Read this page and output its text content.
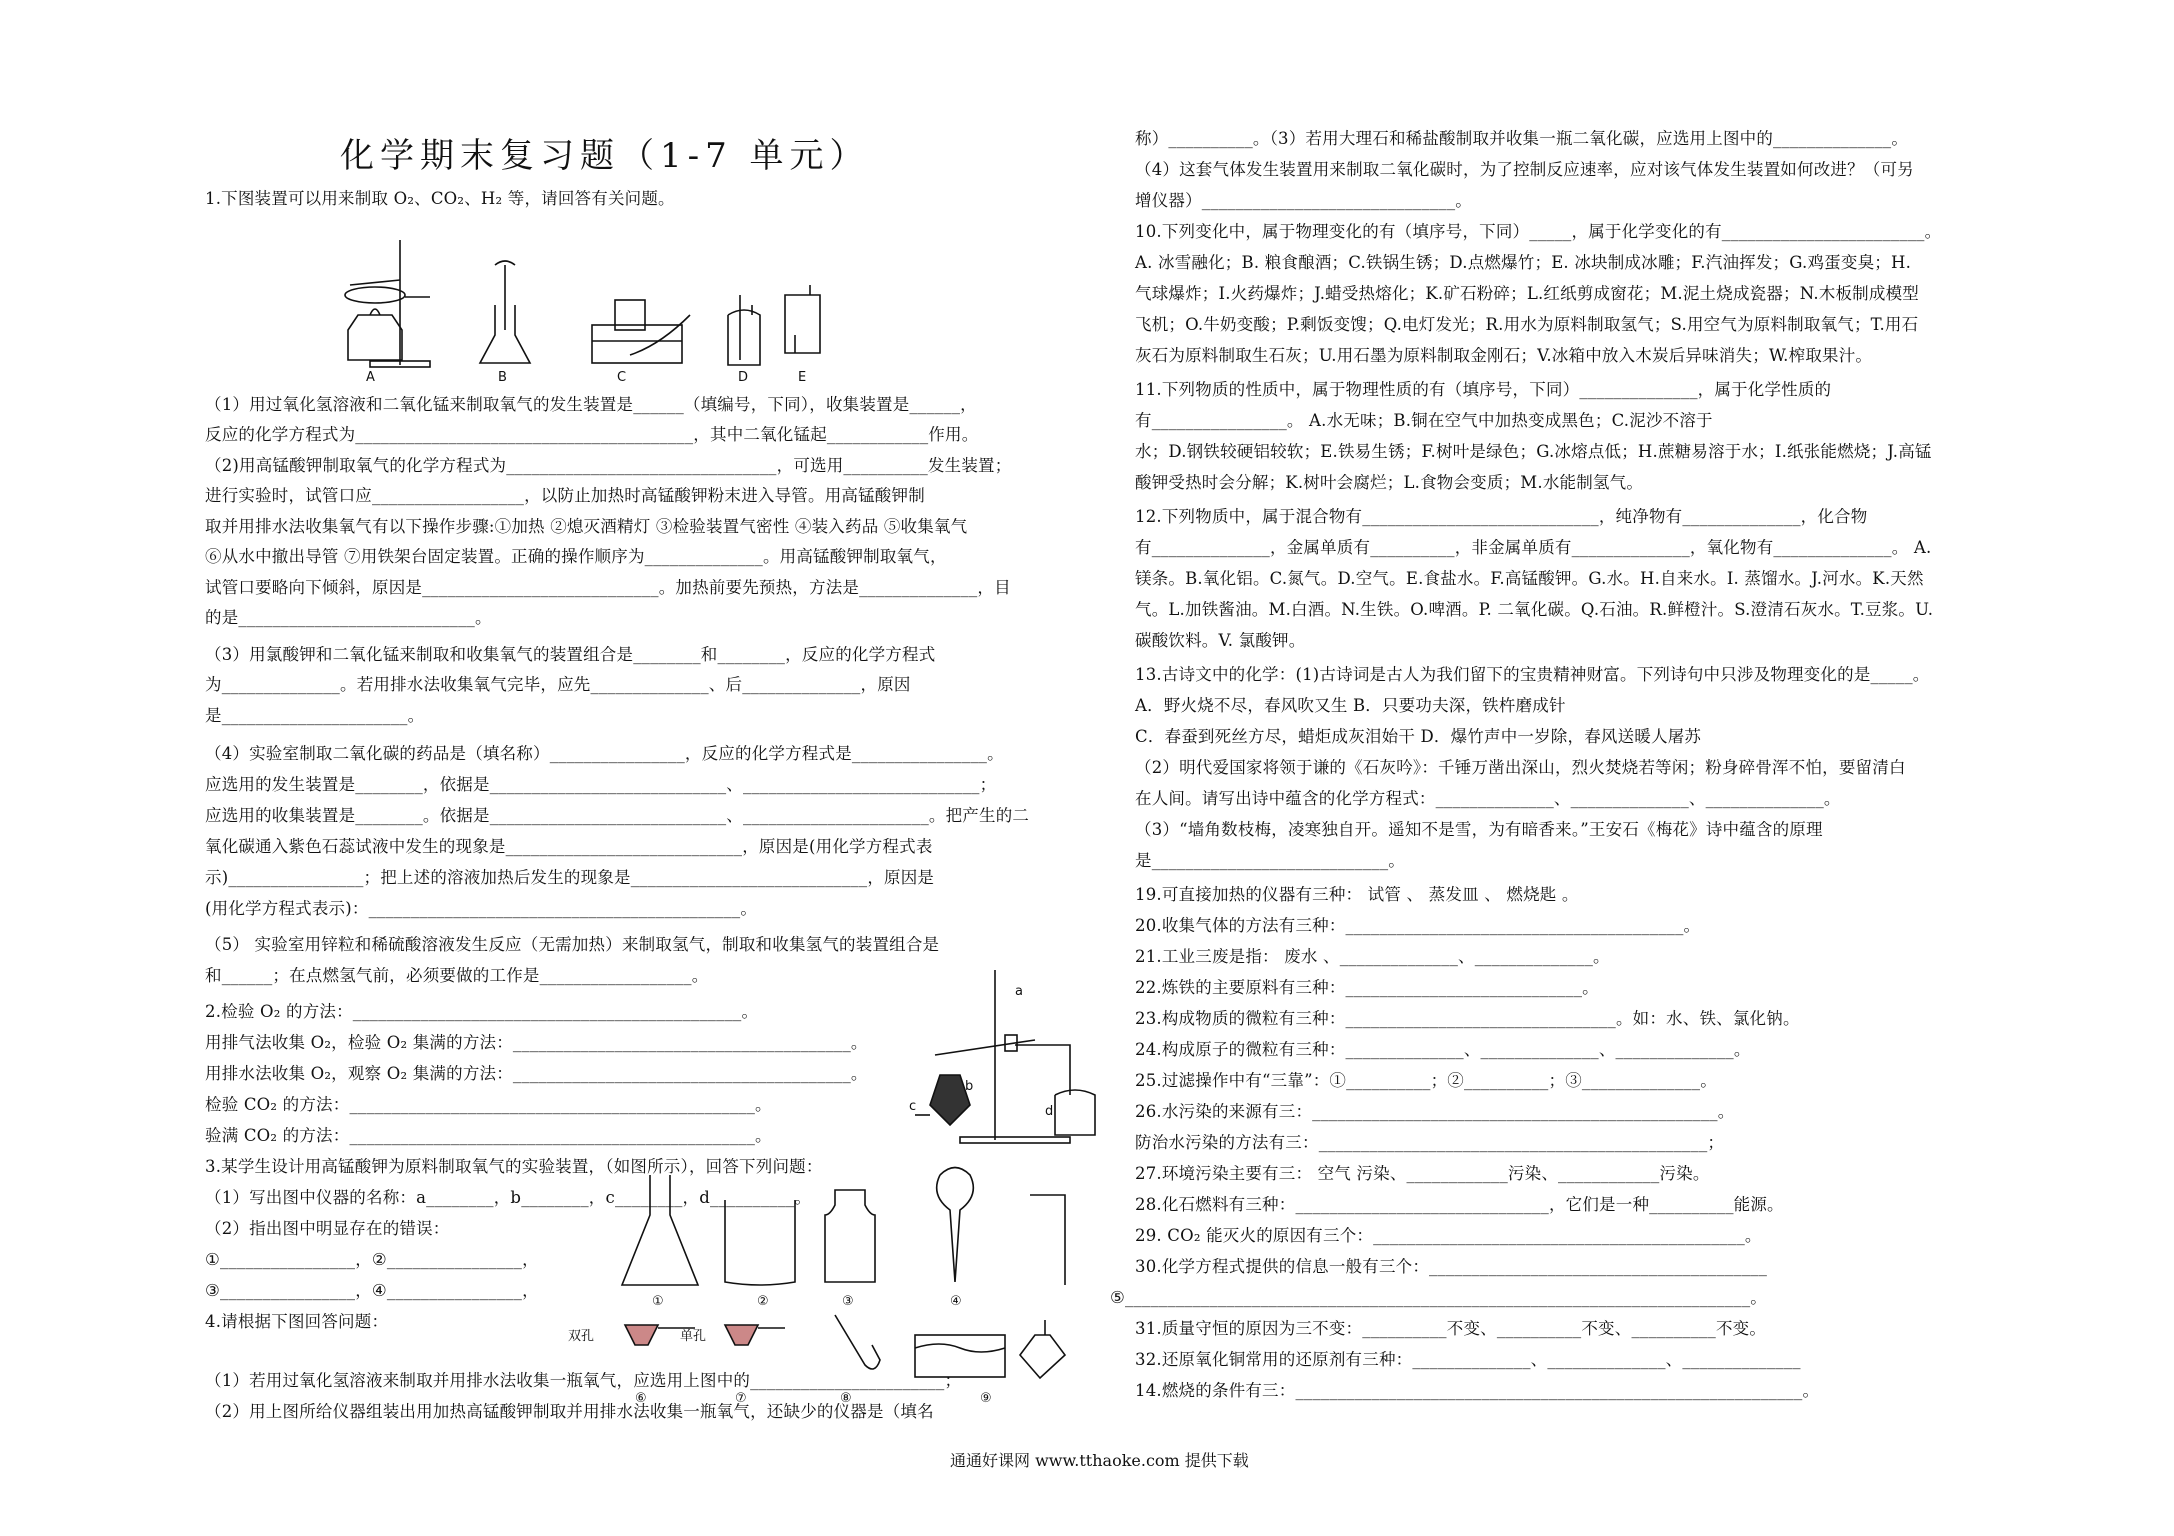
化学期末复习题（1-7 单元）
1.下图装置可以用来制取 O₂、CO₂、H₂ 等，请回答有关问题。
（1）用过氧化氢溶液和二氧化锰来制取氧气的发生装置是______（填编号，下同），收集装置是______，
反应的化学方程式为________________________________________，其中二氧化锰起____________作用。
（2)用高锰酸钾制取氧气的化学方程式为________________________________，可选用__________发生装置；
进行实验时，试管口应__________________，以防止加热时高锰酸钾粉末进入导管。用高锰酸钾制
取并用排水法收集氧气有以下操作步骤:①加热 ②熄灭酒精灯 ③检验装置气密性 ④装入药品 ⑤收集氧气
⑥从水中撤出导管 ⑦用铁架台固定装置。正确的操作顺序为______________。用高锰酸钾制取氧气，
试管口要略向下倾斜，原因是____________________________。加热前要先预热，方法是______________，目
的是____________________________。
（3）用氯酸钾和二氧化锰来制取和收集氧气的装置组合是________和________，反应的化学方程式
为______________。若用排水法收集氧气完毕，应先______________、后______________，原因
是______________________。
（4）实验室制取二氧化碳的药品是（填名称）________________，反应的化学方程式是________________。
应选用的发生装置是________，依据是____________________________、____________________________；
应选用的收集装置是________。依据是____________________________、______________________。把产生的二
氧化碳通入紫色石蕊试液中发生的现象是____________________________，原因是(用化学方程式表
示)________________；把上述的溶液加热后发生的现象是____________________________，原因是
(用化学方程式表示)：____________________________________________。
（5） 实验室用锌粒和稀硫酸溶液发生反应（无需加热）来制取氢气，制取和收集氢气的装置组合是
和______；在点燃氢气前，必须要做的工作是__________________。
2.检验 O₂ 的方法：______________________________________________。
用排气法收集 O₂，检验 O₂ 集满的方法：________________________________________。
用排水法收集 O₂，观察 O₂ 集满的方法：________________________________________。
检验 CO₂ 的方法：________________________________________________。
验满 CO₂ 的方法：________________________________________________。
3.某学生设计用高锰酸钾为原料制取氧气的实验装置，（如图所示），回答下列问题：
（1）写出图中仪器的名称：a________，b________，c________，d__________。
（2）指出图中明显存在的错误：
①________________，②________________，
③________________，④________________，
4.请根据下图回答问题：
（1）若用过氧化氢溶液来制取并用排水法收集一瓶氧气，应选用上图中的_______________________；
（2）用上图所给仪器组装出用加热高锰酸钾制取并用排水法收集一瓶氧气，还缺少的仪器是（填名
称）__________。（3）若用大理石和稀盐酸制取并收集一瓶二氧化碳，应选用上图中的______________。
（4）这套气体发生装置用来制取二氧化碳时，为了控制反应速率，应对该气体发生装置如何改进？（可另
增仪器）______________________________。
10.下列变化中，属于物理变化的有（填序号，下同）_____，属于化学变化的有________________________。
A. 冰雪融化；B. 粮食酿酒；C.铁锅生锈；D.点燃爆竹；E. 冰块制成冰雕；F.汽油挥发；G.鸡蛋变臭；H.
气球爆炸；I.火药爆炸；J.蜡受热熔化；K.矿石粉碎；L.红纸剪成窗花；M.泥土烧成瓷器；N.木板制成模型
飞机；O.牛奶变酸；P.剩饭变馊；Q.电灯发光；R.用水为原料制取氢气；S.用空气为原料制取氧气；T.用石
灰石为原料制取生石灰；U.用石墨为原料制取金刚石；V.冰箱中放入木炭后异味消失；W.榨取果汁。
11.下列物质的性质中，属于物理性质的有（填序号，下同）______________，属于化学性质的
有________________。 A.水无味；B.铜在空气中加热变成黑色；C.泥沙不溶于
水；D.钢铁较硬铝较软；E.铁易生锈；F.树叶是绿色；G.冰熔点低；H.蔗糖易溶于水；I.纸张能燃烧；J.高锰
酸钾受热时会分解；K.树叶会腐烂；L.食物会变质；M.水能制氢气。
12.下列物质中，属于混合物有____________________________，纯净物有______________，化合物
有______________，金属单质有__________，非金属单质有______________，氧化物有______________。 A.
镁条。B.氧化铝。C.氮气。D.空气。E.食盐水。F.高锰酸钾。G.水。H.自来水。I. 蒸馏水。J.河水。K.天然
气。L.加铁酱油。M.白酒。N.生铁。O.啤酒。P. 二氧化碳。Q.石油。R.鲜橙汁。S.澄清石灰水。T.豆浆。U.
碳酸饮料。V. 氯酸钾。
13.古诗文中的化学：(1)古诗词是古人为我们留下的宝贵精神财富。下列诗句中只涉及物理变化的是_____。
A．野火烧不尽，春风吹又生 B．只要功夫深，铁杵磨成针
C．春蚕到死丝方尽，蜡炬成灰泪始干 D．爆竹声中一岁除，春风送暖人屠苏
（2）明代爱国家将领于谦的《石灰吟》：千锤万凿出深山，烈火焚烧若等闲；粉身碎骨浑不怕，要留清白
在人间。请写出诗中蕴含的化学方程式：______________、______________、______________。
（3）“墙角数枝梅，凌寒独自开。遥知不是雪，为有暗香来。”王安石《梅花》诗中蕴含的原理
是____________________________。
19.可直接加热的仪器有三种： 试管 、 蒸发皿 、 燃烧匙 。
20.收集气体的方法有三种：________________________________________。
21.工业三废是指： 废水 、______________、______________。
22.炼铁的主要原料有三种：____________________________。
23.构成物质的微粒有三种：________________________________。如：水、铁、氯化钠。
24.构成原子的微粒有三种：______________、______________、______________。
25.过滤操作中有“三靠”：①__________；②__________；③______________。
26.水污染的来源有三：________________________________________________。
防治水污染的方法有三：______________________________________________；
27.环境污染主要有三： 空气 污染、____________污染、____________污染。
28.化石燃料有三种：______________________________，它们是一种__________能源。
29. CO₂ 能灭火的原因有三个：____________________________________________。
30.化学方程式提供的信息一般有三个：________________________________________
⑤__________________________________________________________________________。
31.质量守恒的原因为三不变：__________不变、__________不变、__________不变。
32.还原氧化铜常用的还原剂有三种：______________、______________、______________
14.燃烧的条件有三：____________________________________________________________。
A	B	C	D	E
a
b
c	d
①	②	③	④
双孔	单孔
⑥	⑦	⑧	⑨
通通好课网 www.tthaoke.com 提供下载
